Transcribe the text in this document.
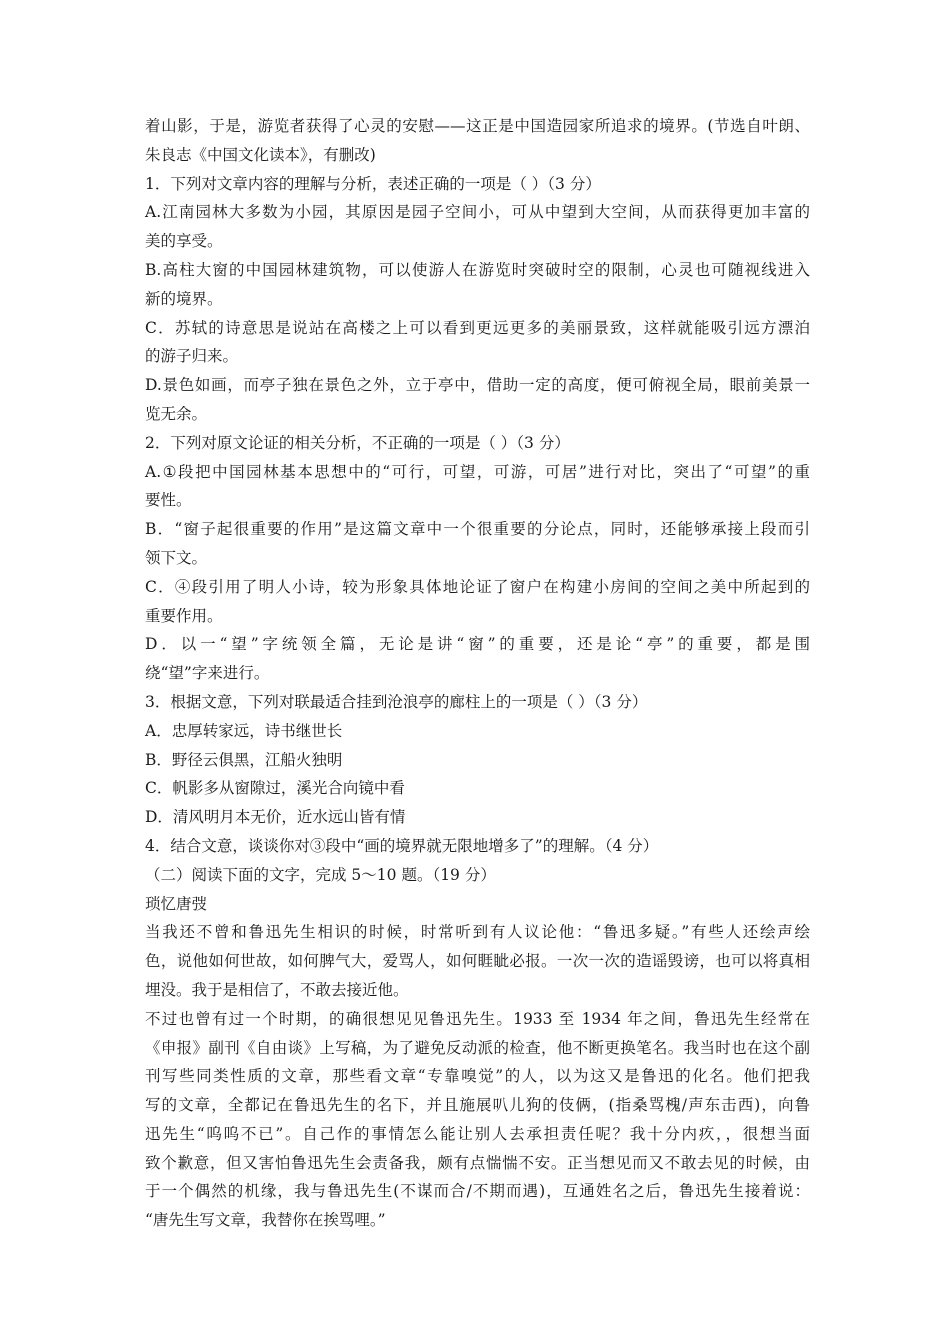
着山影，于是，游览者获得了心灵的安慰——这正是中国造园家所追求的境界。(节选自叶朗、
朱良志《中国文化读本》，有删改)
1．下列对文章内容的理解与分析，表述正确的一项是（ ）（3 分）
A.江南园林大多数为小园，其原因是园子空间小，可从中望到大空间，从而获得更加丰富的
美的享受。
B.高柱大窗的中国园林建筑物，可以使游人在游览时突破时空的限制，心灵也可随视线进入
新的境界。
C．苏轼的诗意思是说站在高楼之上可以看到更远更多的美丽景致，这样就能吸引远方漂泊
的游子归来。
D.景色如画，而亭子独在景色之外，立于亭中，借助一定的高度，便可俯视全局，眼前美景一
览无余。
2．下列对原文论证的相关分析，不正确的一项是（ ）（3 分）
A.①段把中国园林基本思想中的“可行，可望，可游，可居”进行对比，突出了“可望”的重
要性。
B．“窗子起很重要的作用”是这篇文章中一个很重要的分论点，同时，还能够承接上段而引
领下文。
C．④段引用了明人小诗，较为形象具体地论证了窗户在构建小房间的空间之美中所起到的
重要作用。
D．以一“望”字统领全篇，无论是讲“窗”的重要，还是论“亭”的重要，都是围
绕“望”字来进行。
3．根据文意，下列对联最适合挂到沧浪亭的廊柱上的一项是（ ）（3 分）
A．忠厚转家远，诗书继世长
B．野径云俱黑，江船火独明
C．帆影多从窗隙过，溪光合向镜中看
D．清风明月本无价，近水远山皆有情
4．结合文意，谈谈你对③段中“画的境界就无限地增多了”的理解。（4 分）
（二）阅读下面的文字，完成 5～10 题。（19 分）
琐忆唐弢
当我还不曾和鲁迅先生相识的时候，时常听到有人议论他：“鲁迅多疑。”有些人还绘声绘
色，说他如何世故，如何脾气大，爱骂人，如何睚眦必报。一次一次的造谣毁谤，也可以将真相
埋没。我于是相信了，不敢去接近他。
不过也曾有过一个时期，的确很想见见鲁迅先生。1933 至 1934 年之间，鲁迅先生经常在
《申报》副刊《自由谈》上写稿，为了避免反动派的检查，他不断更换笔名。我当时也在这个副
刊写些同类性质的文章，那些看文章“专靠嗅觉”的人，以为这又是鲁迅的化名。他们把我
写的文章，全都记在鲁迅先生的名下，并且施展叭儿狗的伎俩，(指桑骂槐/声东击西)，向鲁
迅先生“呜呜不已”。自己作的事情怎么能让别人去承担责任呢？我十分内疚，，很想当面
致个歉意，但又害怕鲁迅先生会责备我，颇有点惴惴不安。正当想见而又不敢去见的时候，由
于一个偶然的机缘，我与鲁迅先生(不谋而合/不期而遇)，互通姓名之后，鲁迅先生接着说：
“唐先生写文章，我替你在挨骂哩。”
